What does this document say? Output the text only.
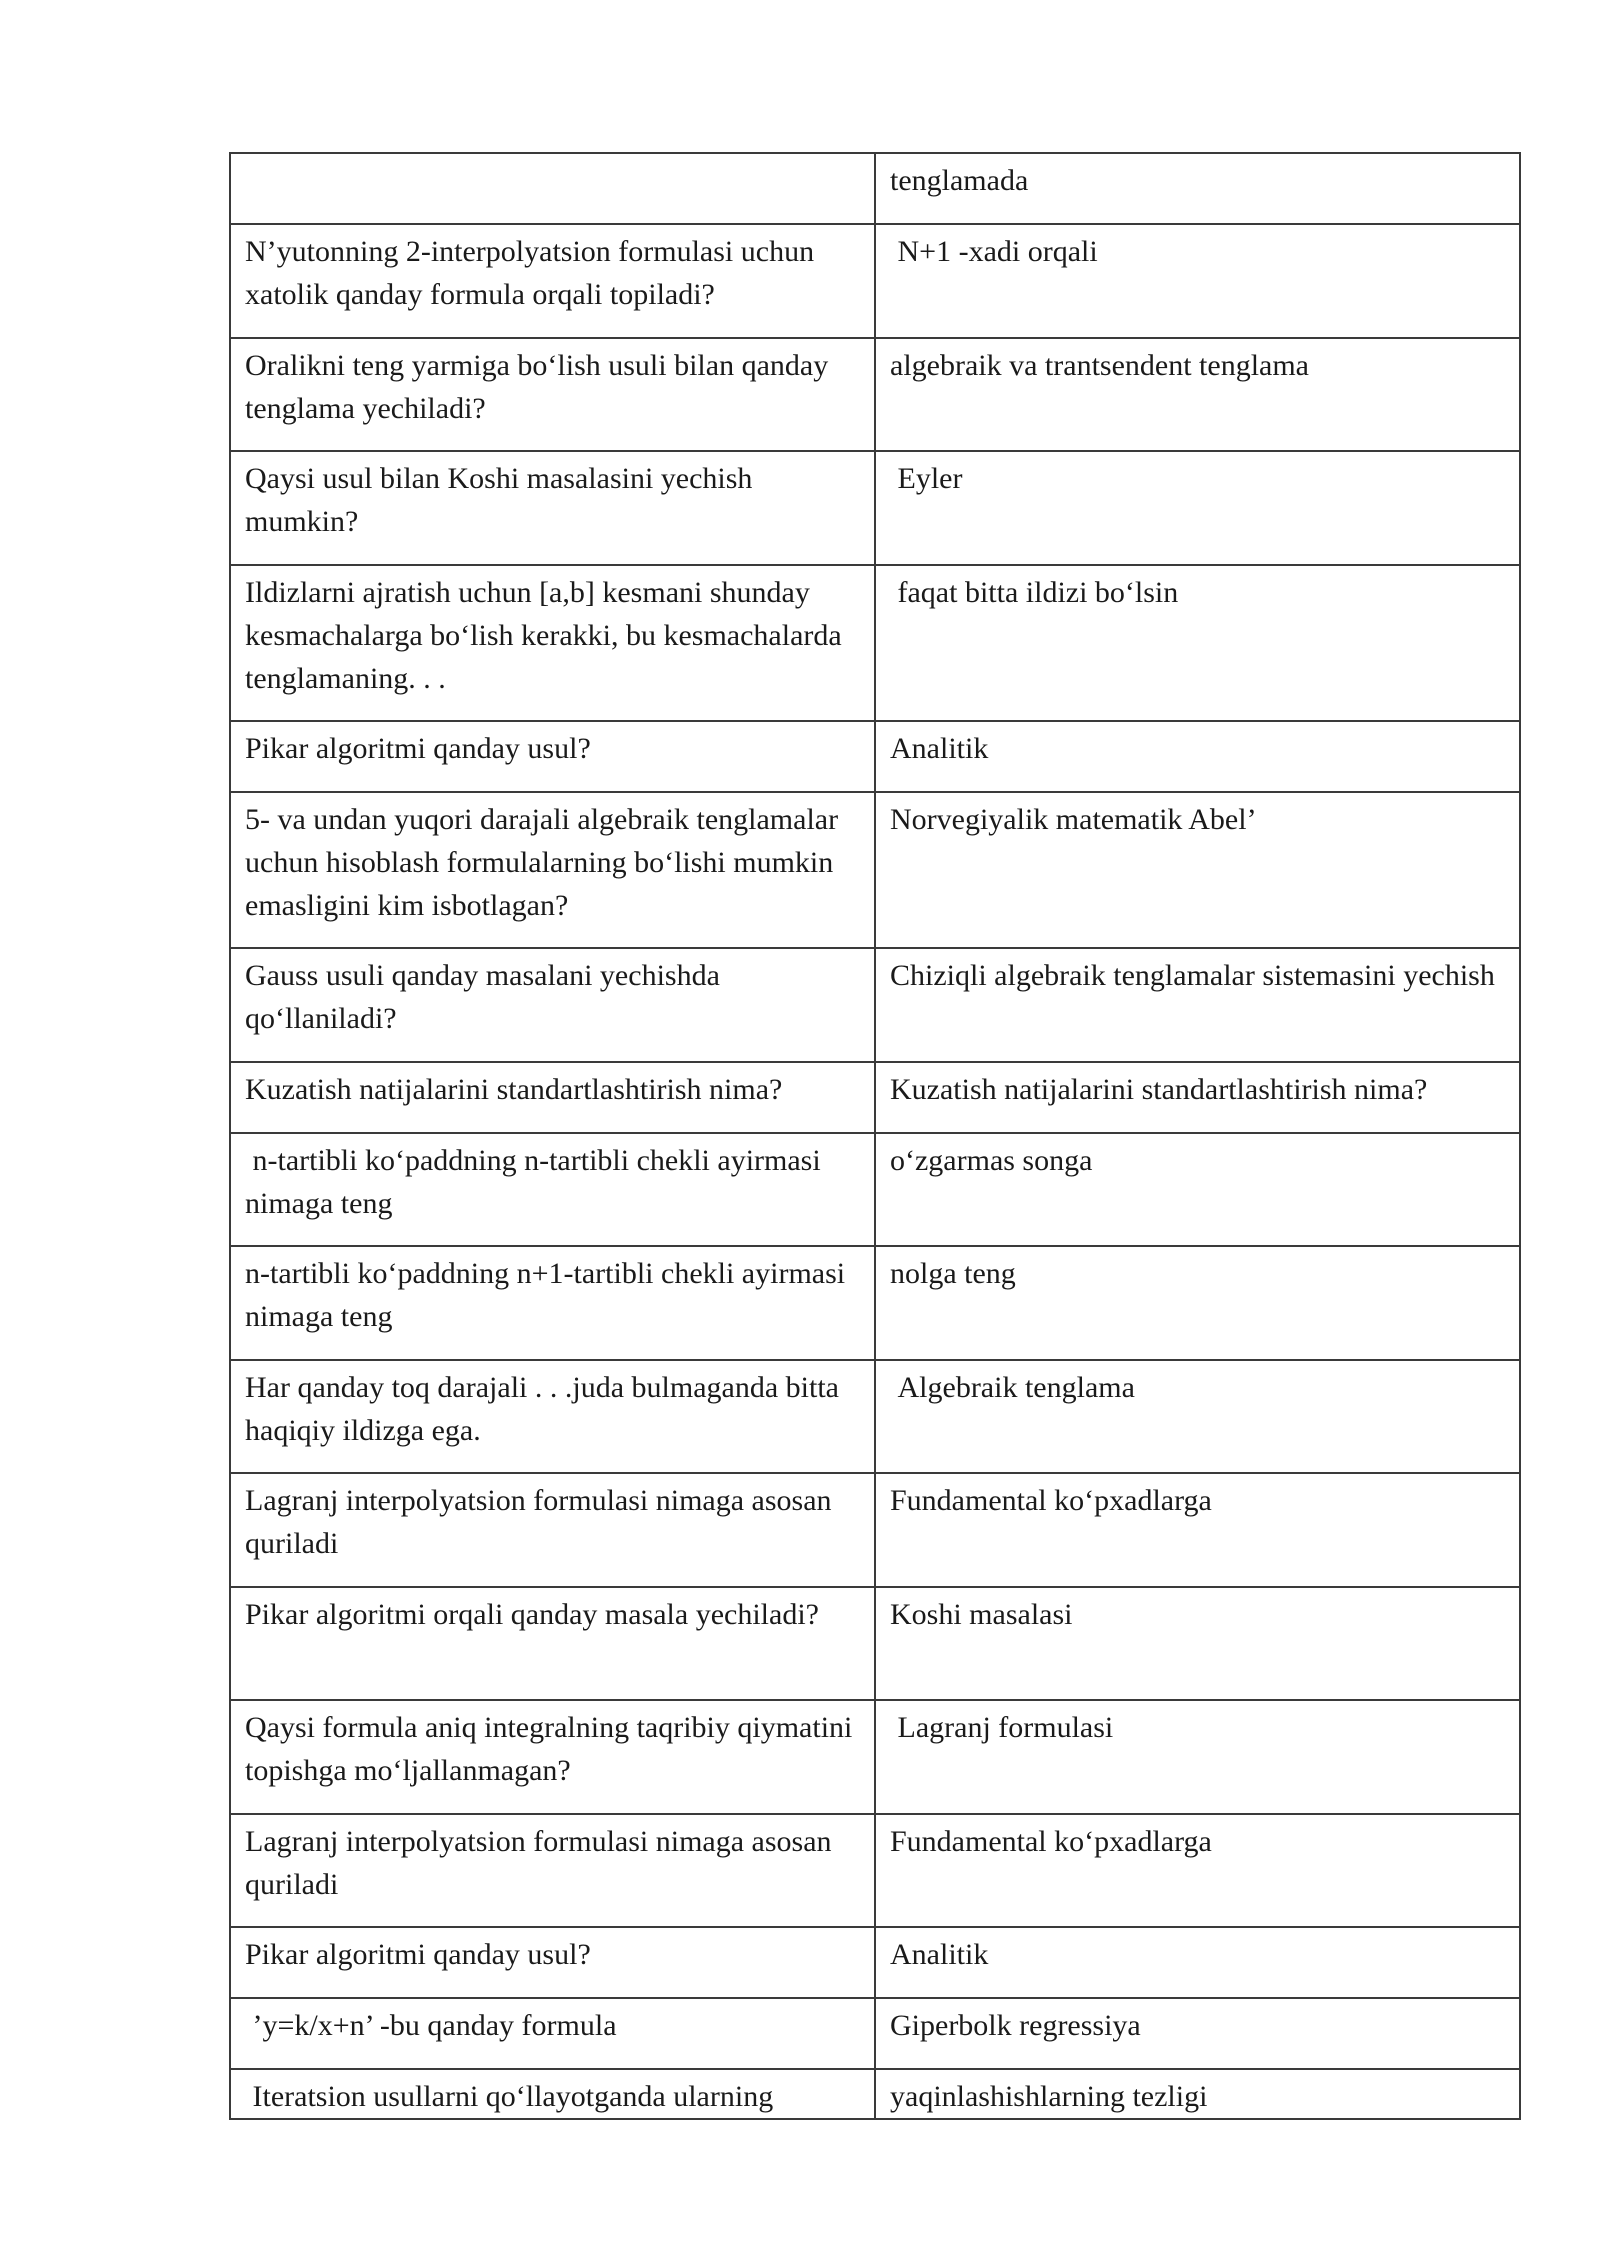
	tenglamada

N’yutonning 2-interpolyatsion formulasi uchun xatolik qanday formula orqali topiladi?	N+1 -xadi orqali

Oralikni teng yarmiga bo‘lish usuli bilan qanday tenglama yechiladi?	algebraik va trantsendent tenglama

Qaysi usul bilan Koshi masalasini yechish mumkin?	Eyler

Ildizlarni ajratish uchun [a,b] kesmani shunday kesmachalarga bo‘lish kerakki, bu kesmachalarda tenglamaning. . .	faqat bitta ildizi bo‘lsin

Pikar algoritmi qanday usul?	Analitik

5- va undan yuqori darajali algebraik tenglamalar uchun hisoblash formulalarning bo‘lishi mumkin emasligini kim isbotlagan?	Norvegiyalik matematik Abel’

Gauss usuli qanday masalani yechishda qo‘llaniladi?	Chiziqli algebraik tenglamalar sistemasini yechish

Kuzatish natijalarini standartlashtirish nima?	Kuzatish natijalarini standartlashtirish nima?

n-tartibli ko‘paddning n-tartibli chekli ayirmasi nimaga teng	o‘zgarmas songa

n-tartibli ko‘paddning n+1-tartibli chekli ayirmasi nimaga teng	nolga teng

Har qanday toq darajali . . .juda bulmaganda bitta haqiqiy ildizga ega.	Algebraik tenglama

Lagranj interpolyatsion formulasi nimaga asosan quriladi	Fundamental ko‘pxadlarga

Pikar algoritmi orqali qanday masala yechiladi?	Koshi masalasi

Qaysi formula aniq integralning taqribiy qiymatini topishga mo‘ljallanmagan?	Lagranj formulasi

Lagranj interpolyatsion formulasi nimaga asosan quriladi	Fundamental ko‘pxadlarga

Pikar algoritmi qanday usul?	Analitik

’y=k/x+n’ -bu qanday formula	Giperbolk regressiya

Iteratsion usullarni qo‘llayotganda ularning	yaqinlashishlarning tezligi
